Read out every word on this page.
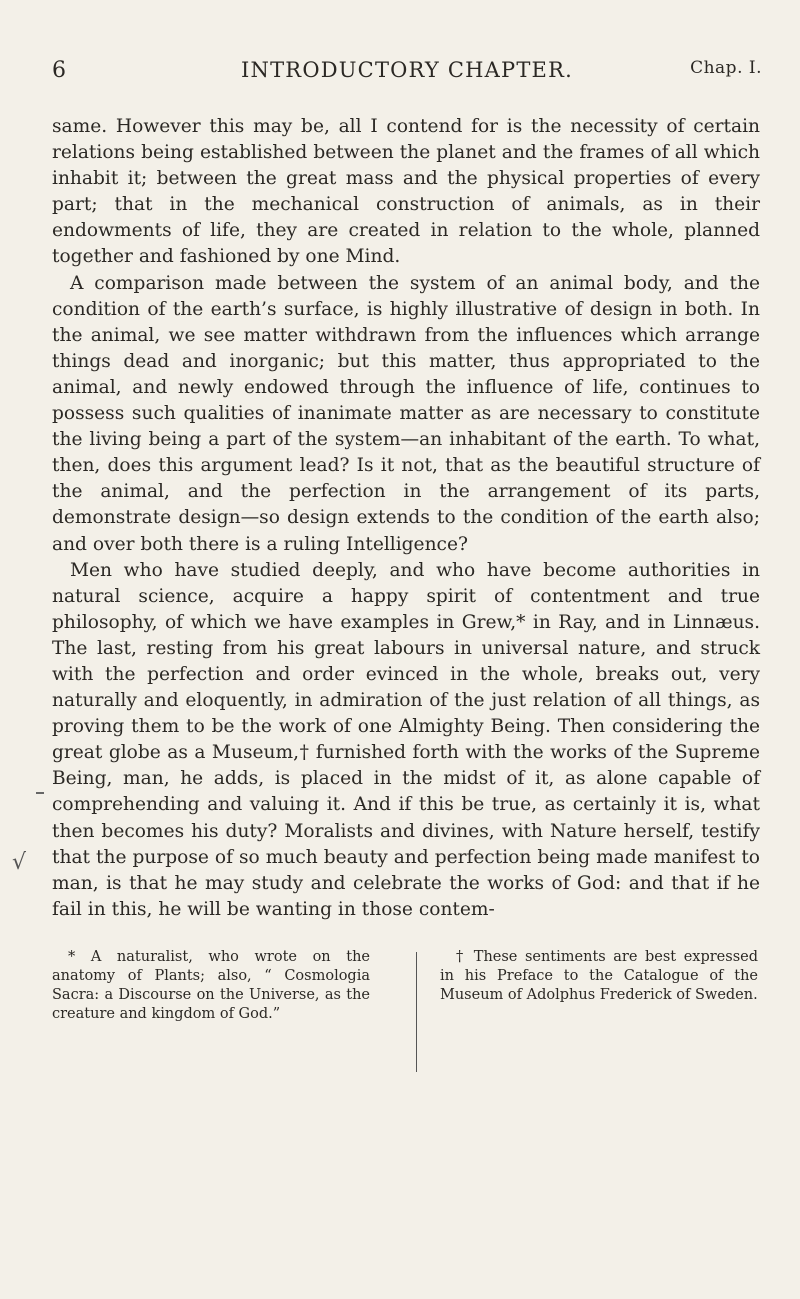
6	INTRODUCTORY CHAPTER.	Chap. I.

same. However this may be, all I contend for is the necessity of certain relations being established between the planet and the frames of all which inhabit it; between the great mass and the physical properties of every part; that in the mechanical construction of animals, as in their endowments of life, they are created in relation to the whole, planned together and fashioned by one Mind.

A comparison made between the system of an animal body, and the condition of the earth’s surface, is highly illustrative of design in both. In the animal, we see matter withdrawn from the influences which arrange things dead and inorganic; but this matter, thus appropriated to the animal, and newly endowed through the influence of life, continues to possess such qualities of inanimate matter as are necessary to constitute the living being a part of the system—an inhabitant of the earth. To what, then, does this argument lead? Is it not, that as the beautiful structure of the animal, and the perfection in the arrangement of its parts, demonstrate design—so design extends to the condition of the earth also; and over both there is a ruling Intelligence?

Men who have studied deeply, and who have become authorities in natural science, acquire a happy spirit of contentment and true philosophy, of which we have examples in Grew,* in Ray, and in Linnæus. The last, resting from his great labours in universal nature, and struck with the perfection and order evinced in the whole, breaks out, very naturally and eloquently, in admiration of the just relation of all things, as proving them to be the work of one Almighty Being. Then considering the great globe as a Museum,† furnished forth with the works of the Supreme Being, man, he adds, is placed in the midst of it, as alone capable of comprehending and valuing it. And if this be true, as certainly it is, what then becomes his duty? Moralists and divines, with Nature herself, testify that the purpose of so much beauty and perfection being made manifest to man, is that he may study and celebrate the works of God: and that if he fail in this, he will be wanting in those contem-

√
* A naturalist, who wrote on the anatomy of Plants; also, “ Cosmologia Sacra: a Discourse on the Universe, as the creature and kingdom of God.”
† These sentiments are best expressed in his Preface to the Catalogue of the Museum of Adolphus Frederick of Sweden.
